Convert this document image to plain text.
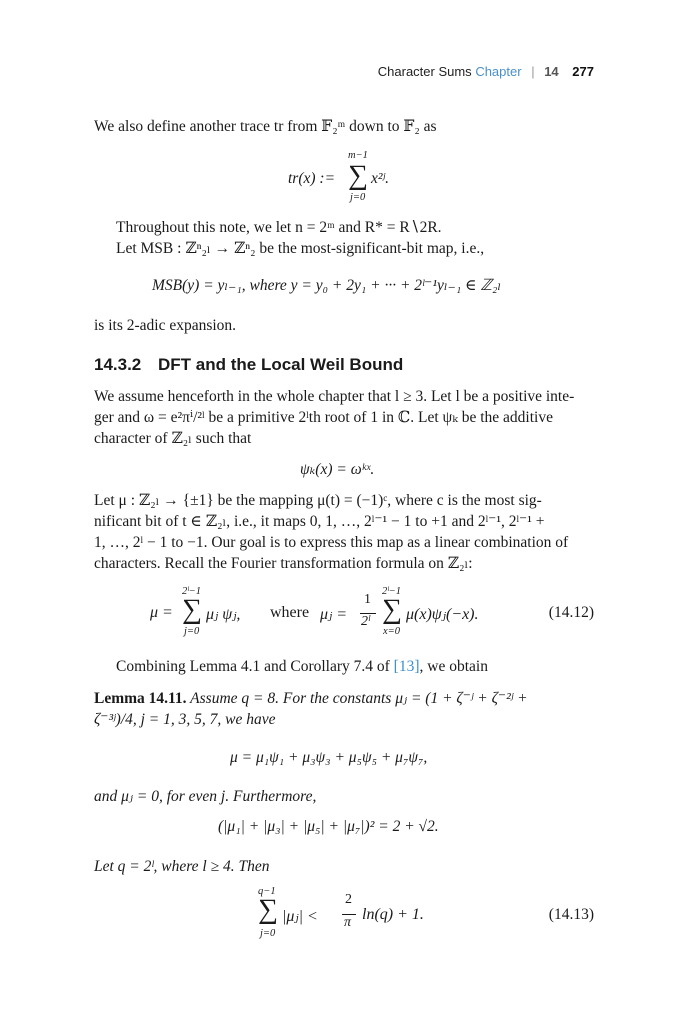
Character Sums Chapter | 14 277
We also define another trace tr from 𝔽₂ᵐ down to 𝔽₂ as
tr(x) :=
m−1
∑
j=0
x²ʲ.
Throughout this note, we let n = 2ᵐ and R* = R∖2R.
Let MSB : ℤⁿ₂ₗ → ℤⁿ₂ be the most-significant-bit map, i.e.,
MSB(y) = yₗ₋₁, where y = y₀ + 2y₁ + ··· + 2ˡ⁻¹yₗ₋₁ ∈ ℤ₂ₗ
is its 2-adic expansion.
14.3.2 DFT and the Local Weil Bound
We assume henceforth in the whole chapter that l ≥ 3. Let l be a positive inte-
ger and ω = e²πⁱ/²ˡ be a primitive 2ˡth root of 1 in ℂ. Let ψₖ be the additive
character of ℤ₂ₗ such that
ψₖ(x) = ωᵏˣ.
Let μ : ℤ₂ₗ → {±1} be the mapping μ(t) = (−1)ᶜ, where c is the most sig-
nificant bit of t ∈ ℤ₂ₗ, i.e., it maps 0, 1, …, 2ˡ⁻¹ − 1 to +1 and 2ˡ⁻¹, 2ˡ⁻¹ +
1, …, 2ˡ − 1 to −1. Our goal is to express this map as a linear combination of
characters. Recall the Fourier transformation formula on ℤ₂ₗ:
μ =
2ˡ−1
∑
j=0
μⱼ ψⱼ, where μⱼ =
1
2ˡ
2ˡ−1
∑
x=0
μ(x)ψⱼ(−x).	(14.12)
Combining Lemma 4.1 and Corollary 7.4 of [13], we obtain
Lemma 14.11. Assume q = 8. For the constants μⱼ = (1 + ζ⁻ʲ + ζ⁻²ʲ +
ζ⁻³ʲ)/4, j = 1, 3, 5, 7, we have
μ = μ₁ψ₁ + μ₃ψ₃ + μ₅ψ₅ + μ₇ψ₇,
and μⱼ = 0, for even j. Furthermore,
(|μ₁| + |μ₃| + |μ₅| + |μ₇|)² = 2 + √2.
Let q = 2ˡ, where l ≥ 4. Then
q−1
∑
j=0
|μⱼ| <
2
π ln(q) + 1.	(14.13)
